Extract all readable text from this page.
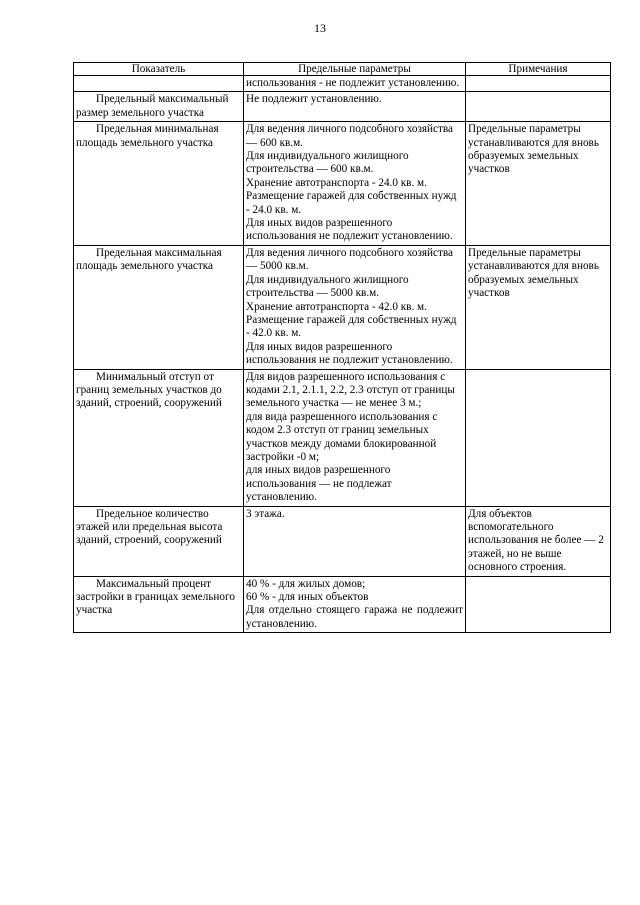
13
Показатель	Предельные параметры	Примечания

	использования - не подлежит установлению.	

Предельный максимальный размер земельного участка	Не подлежит установлению.	

Предельная минимальная площадь земельного участка	Для ведения личного подсобного хозяйства — 600 кв.м.
Для индивидуального жилищного строительства — 600 кв.м.
Хранение автотранспорта - 24.0 кв. м.
Размещение гаражей для собственных нужд - 24.0 кв. м.
Для иных видов разрешенного использования не подлежит установлению.	Предельные параметры устанавливаются для вновь образуемых земельных участков
Предельная максимальная площадь земельного участка	Для ведения личного подсобного хозяйства — 5000 кв.м.
Для индивидуального жилищного строительства — 5000 кв.м.
Хранение автотранспорта - 42.0 кв. м.
Размещение гаражей для собственных нужд - 42.0 кв. м.
Для иных видов разрешенного использования не подлежит установлению.	Предельные параметры устанавливаются для вновь образуемых земельных участков
Минимальный отступ от границ земельных участков до зданий, строений, сооружений	Для видов разрешенного использования с кодами 2.1, 2.1.1, 2.2, 2.3 отступ от границы земельного участка — не менее 3 м.;
для вида разрешенного использования с кодом 2.3 отступ от границ земельных участков между домами блокированной застройки -0 м;
для иных видов разрешенного использования — не подлежат установлению.	

Предельное количество этажей или предельная высота зданий, строений, сооружений	3 этажа.	Для объектов вспомогательного использования не более — 2 этажей, но не выше основного строения.
Максимальный процент застройки в границах земельного участка	40 % - для жилых домов;
60 % - для иных объектов
Для отдельно стоящего гаража не подлежит установлению.	
